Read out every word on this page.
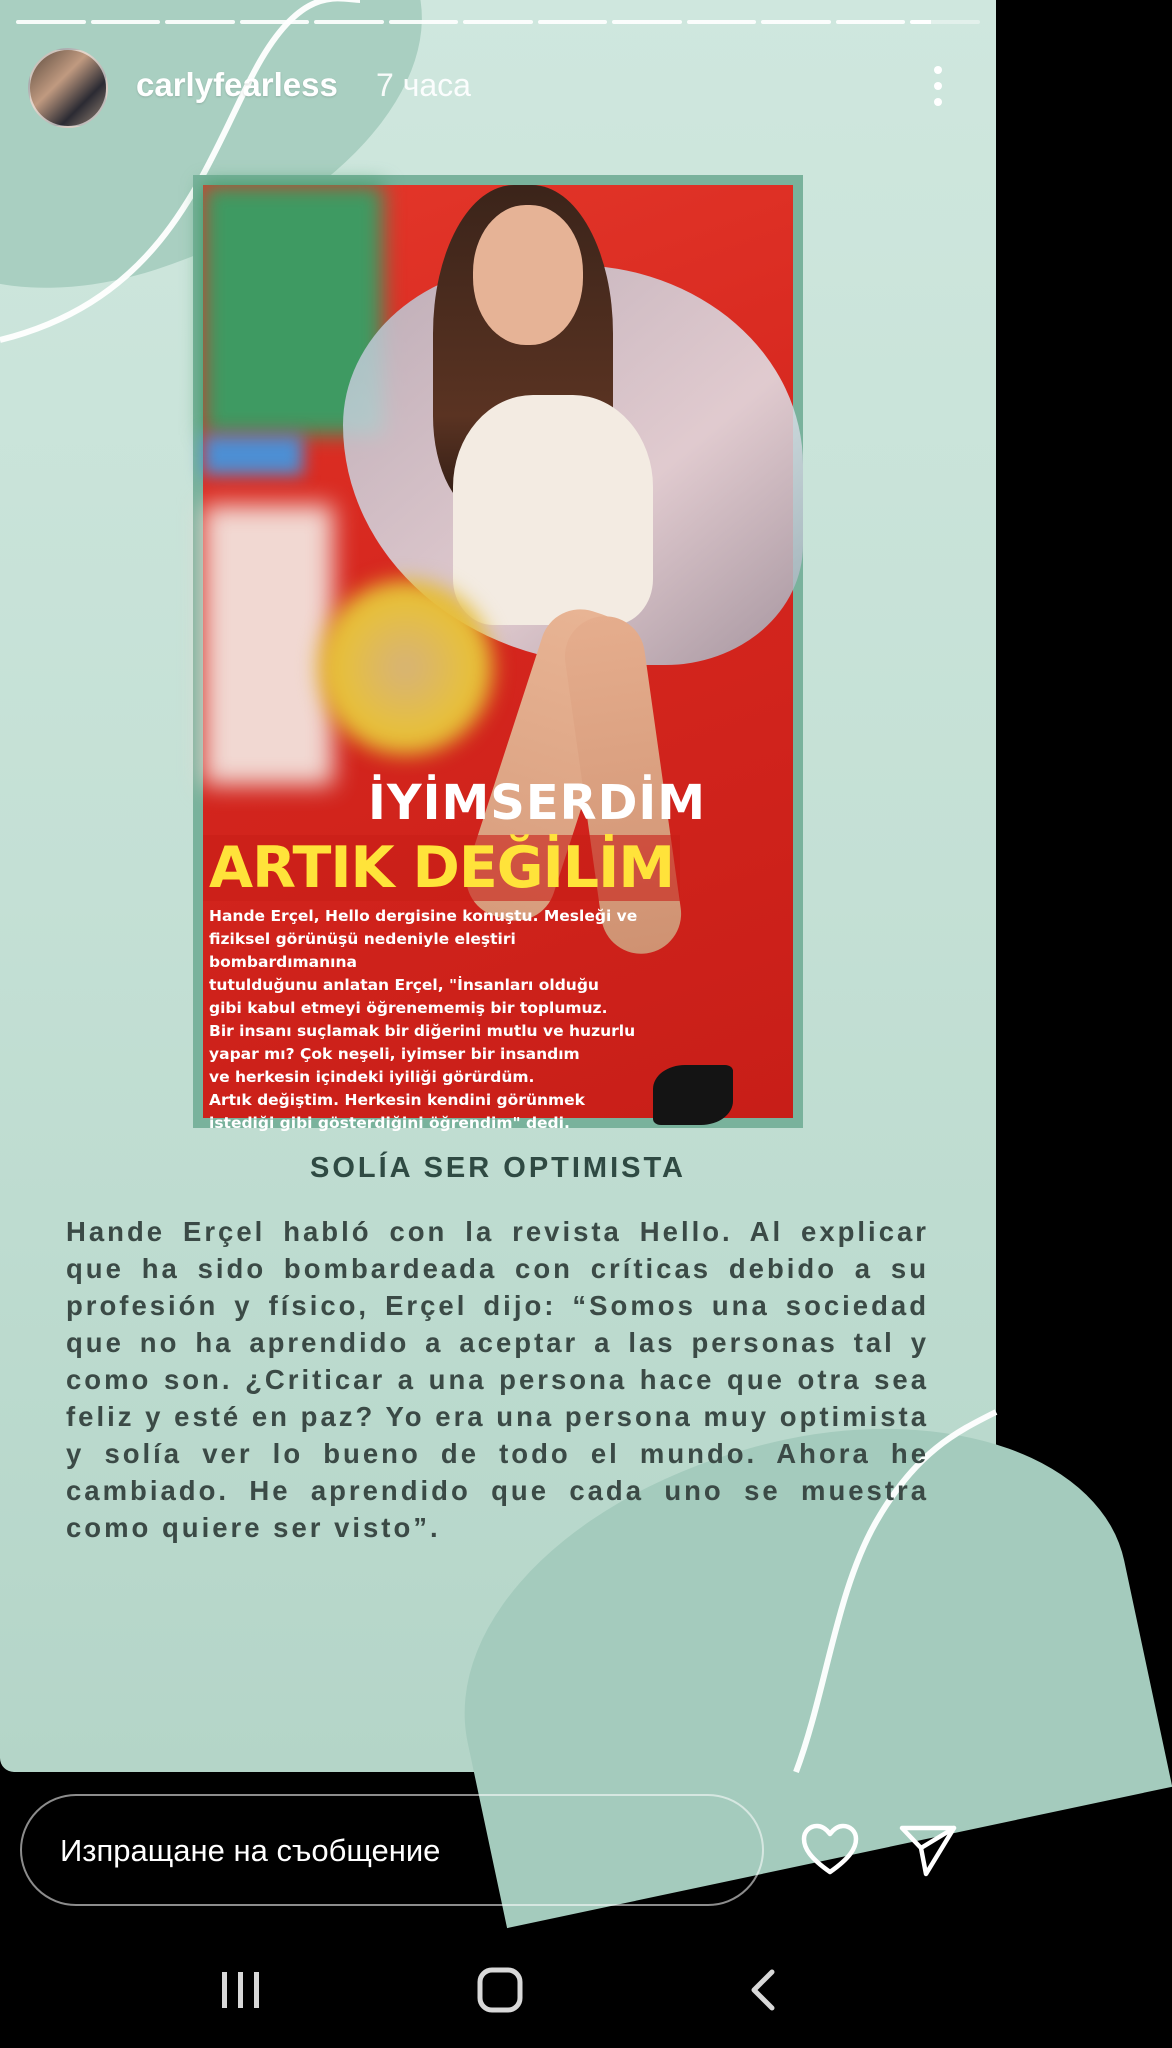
carlyfearless 7 часа
İYİMSERDİM
ARTIK DEĞİLİM
Hande Erçel, Hello dergisine konuştu. Mesleği ve
fiziksel görünüşü nedeniyle eleştiri bombardımanına
tutulduğunu anlatan Erçel, "İnsanları olduğu
gibi kabul etmeyi öğrenememiş bir toplumuz.
Bir insanı suçlamak bir diğerini mutlu ve huzurlu
yapar mı? Çok neşeli, iyimser bir insandım
ve herkesin içindeki iyiliği görürdüm.
Artık değiştim. Herkesin kendini görünmek
istediği gibi gösterdiğini öğrendim" dedi.
SOLÍA SER OPTIMISTA
Hande Erçel habló con la revista Hello. Al explicar que ha sido bombardeada con críticas debido a su profesión y físico, Erçel dijo: “Somos una sociedad que no ha aprendido a aceptar a las personas tal y como son. ¿Criticar a una persona hace que otra sea feliz y esté en paz? Yo era una persona muy optimista y solía ver lo bueno de todo el mundo. Ahora he cambiado. He aprendido que cada uno se muestra como quiere ser visto”.
Изпращане на съобщение
